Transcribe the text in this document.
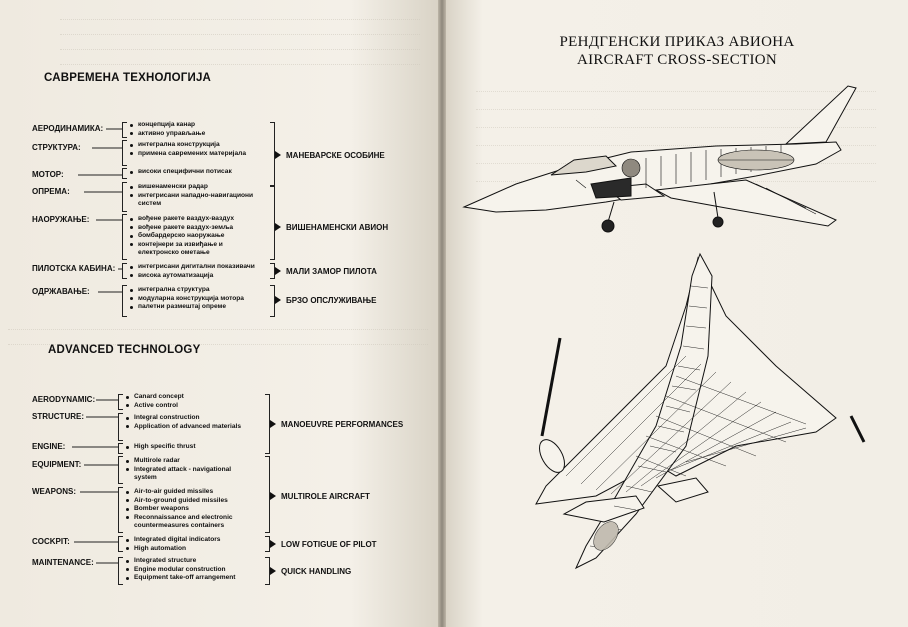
САВРЕМЕНА ТЕХНОЛОГИЈА
АЕРОДИНАМИКА:
СТРУКТУРА:
МОТОР:
ОПРЕМА:
НАОРУЖАЊЕ:
ПИЛОТСКА КАБИНА:
ОДРЖАВАЊЕ:
концепција канар
активно управљање
интегрална конструкција
примена савремених материјала
високи специфични потисак
вишенаменски радар
интегрисани нападно-навигациони систем
вођене ракете ваздух-ваздух
вођене ракете ваздух-земља
бомбардерско наоружање
контејнери за извиђање и електронско ометање
интегрисани дигитални показивачи
висока аутоматизација
интегрална структура
модуларна конструкција мотора
палетни размештај опреме
МАНЕВАРСКЕ ОСОБИНЕ
ВИШЕНАМЕНСКИ АВИОН
МАЛИ ЗАМОР ПИЛОТА
БРЗО ОПСЛУЖИВАЊЕ
ADVANCED TECHNOLOGY
AERODYNAMIC:
STRUCTURE:
ENGINE:
EQUIPMENT:
WEAPONS:
COCKPIT:
MAINTENANCE:
Canard concept
Active control
Integral construction
Application of advanced materials
High specific thrust
Multirole radar
Integrated attack - navigational system
Air-to-air guided missiles
Air-to-ground guided missiles
Bomber weapons
Reconnaissance and electronic countermeasures containers
Integrated digital indicators
High automation
Integrated structure
Engine modular construction
Equipment take-off arrangement
MANOEUVRE PERFORMANCES
MULTIROLE AIRCRAFT
LOW FOTIGUE OF PILOT
QUICK HANDLING
РЕНДГЕНСКИ ПРИКАЗ АВИОНА
AIRCRAFT CROSS-SECTION
